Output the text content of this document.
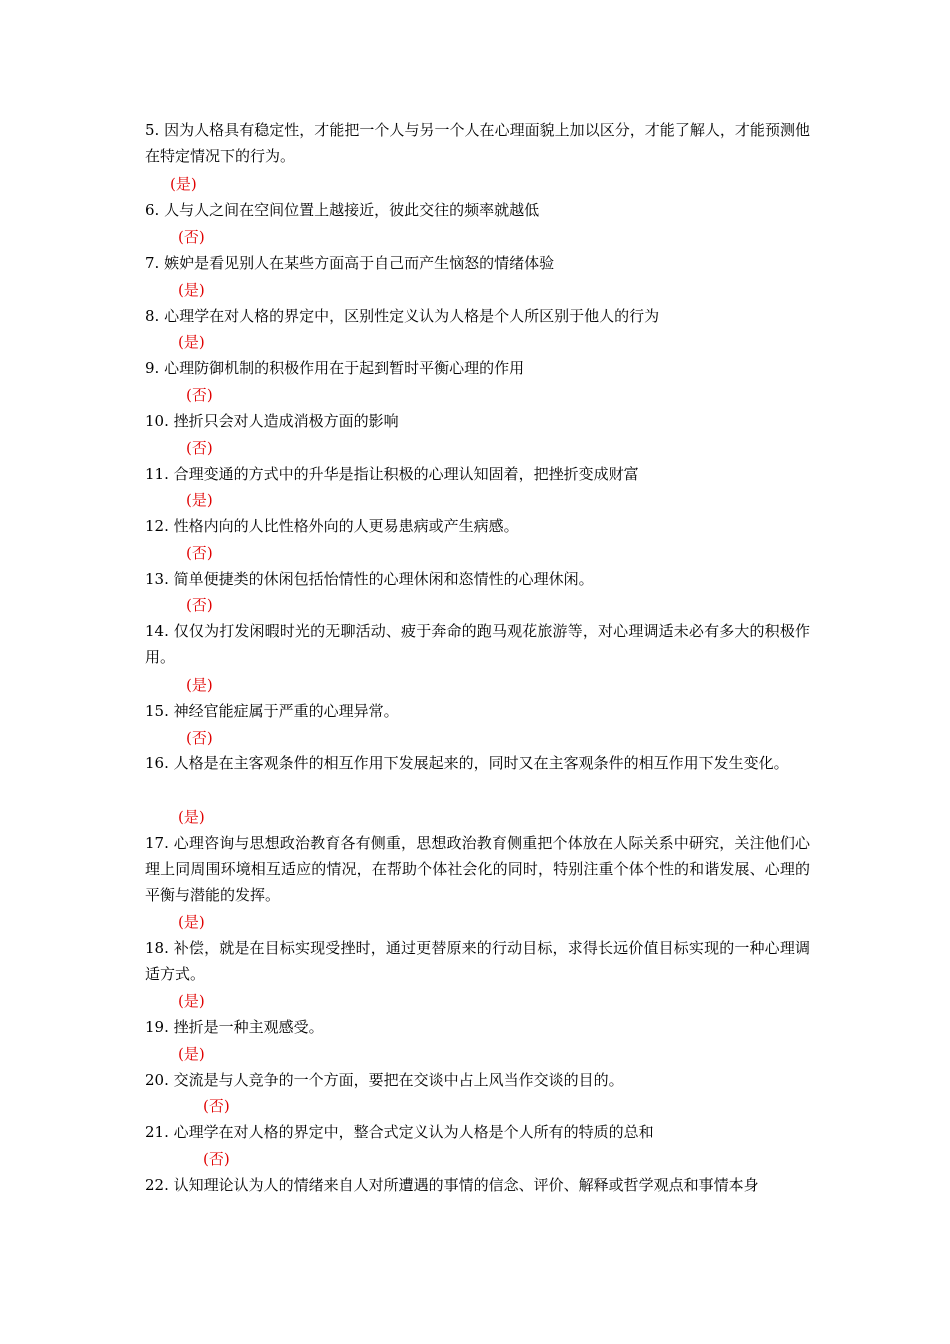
5. 因为人格具有稳定性，才能把一个人与另一个人在心理面貌上加以区分，才能了解人，才能预测他在特定情况下的行为。
(是)
6. 人与人之间在空间位置上越接近，彼此交往的频率就越低
(否)
7. 嫉妒是看见别人在某些方面高于自己而产生恼怒的情绪体验
(是)
8. 心理学在对人格的界定中，区别性定义认为人格是个人所区别于他人的行为
(是)
9. 心理防御机制的积极作用在于起到暂时平衡心理的作用
(否)
10. 挫折只会对人造成消极方面的影响
(否)
11. 合理变通的方式中的升华是指让积极的心理认知固着，把挫折变成财富
(是)
12. 性格内向的人比性格外向的人更易患病或产生病感。
(否)
13. 简单便捷类的休闲包括怡情性的心理休闲和恣情性的心理休闲。
(否)
14. 仅仅为打发闲暇时光的无聊活动、疲于奔命的跑马观花旅游等，对心理调适未必有多大的积极作用。
(是)
15. 神经官能症属于严重的心理异常。
(否)
16. 人格是在主客观条件的相互作用下发展起来的，同时又在主客观条件的相互作用下发生变化。
(是)
17. 心理咨询与思想政治教育各有侧重，思想政治教育侧重把个体放在人际关系中研究，关注他们心理上同周围环境相互适应的情况，在帮助个体社会化的同时，特别注重个体个性的和谐发展、心理的平衡与潜能的发挥。
(是)
18. 补偿，就是在目标实现受挫时，通过更替原来的行动目标，求得长远价值目标实现的一种心理调适方式。
(是)
19. 挫折是一种主观感受。
(是)
20. 交流是与人竞争的一个方面，要把在交谈中占上风当作交谈的目的。
(否)
21. 心理学在对人格的界定中，整合式定义认为人格是个人所有的特质的总和
(否)
22. 认知理论认为人的情绪来自人对所遭遇的事情的信念、评价、解释或哲学观点和事情本身
